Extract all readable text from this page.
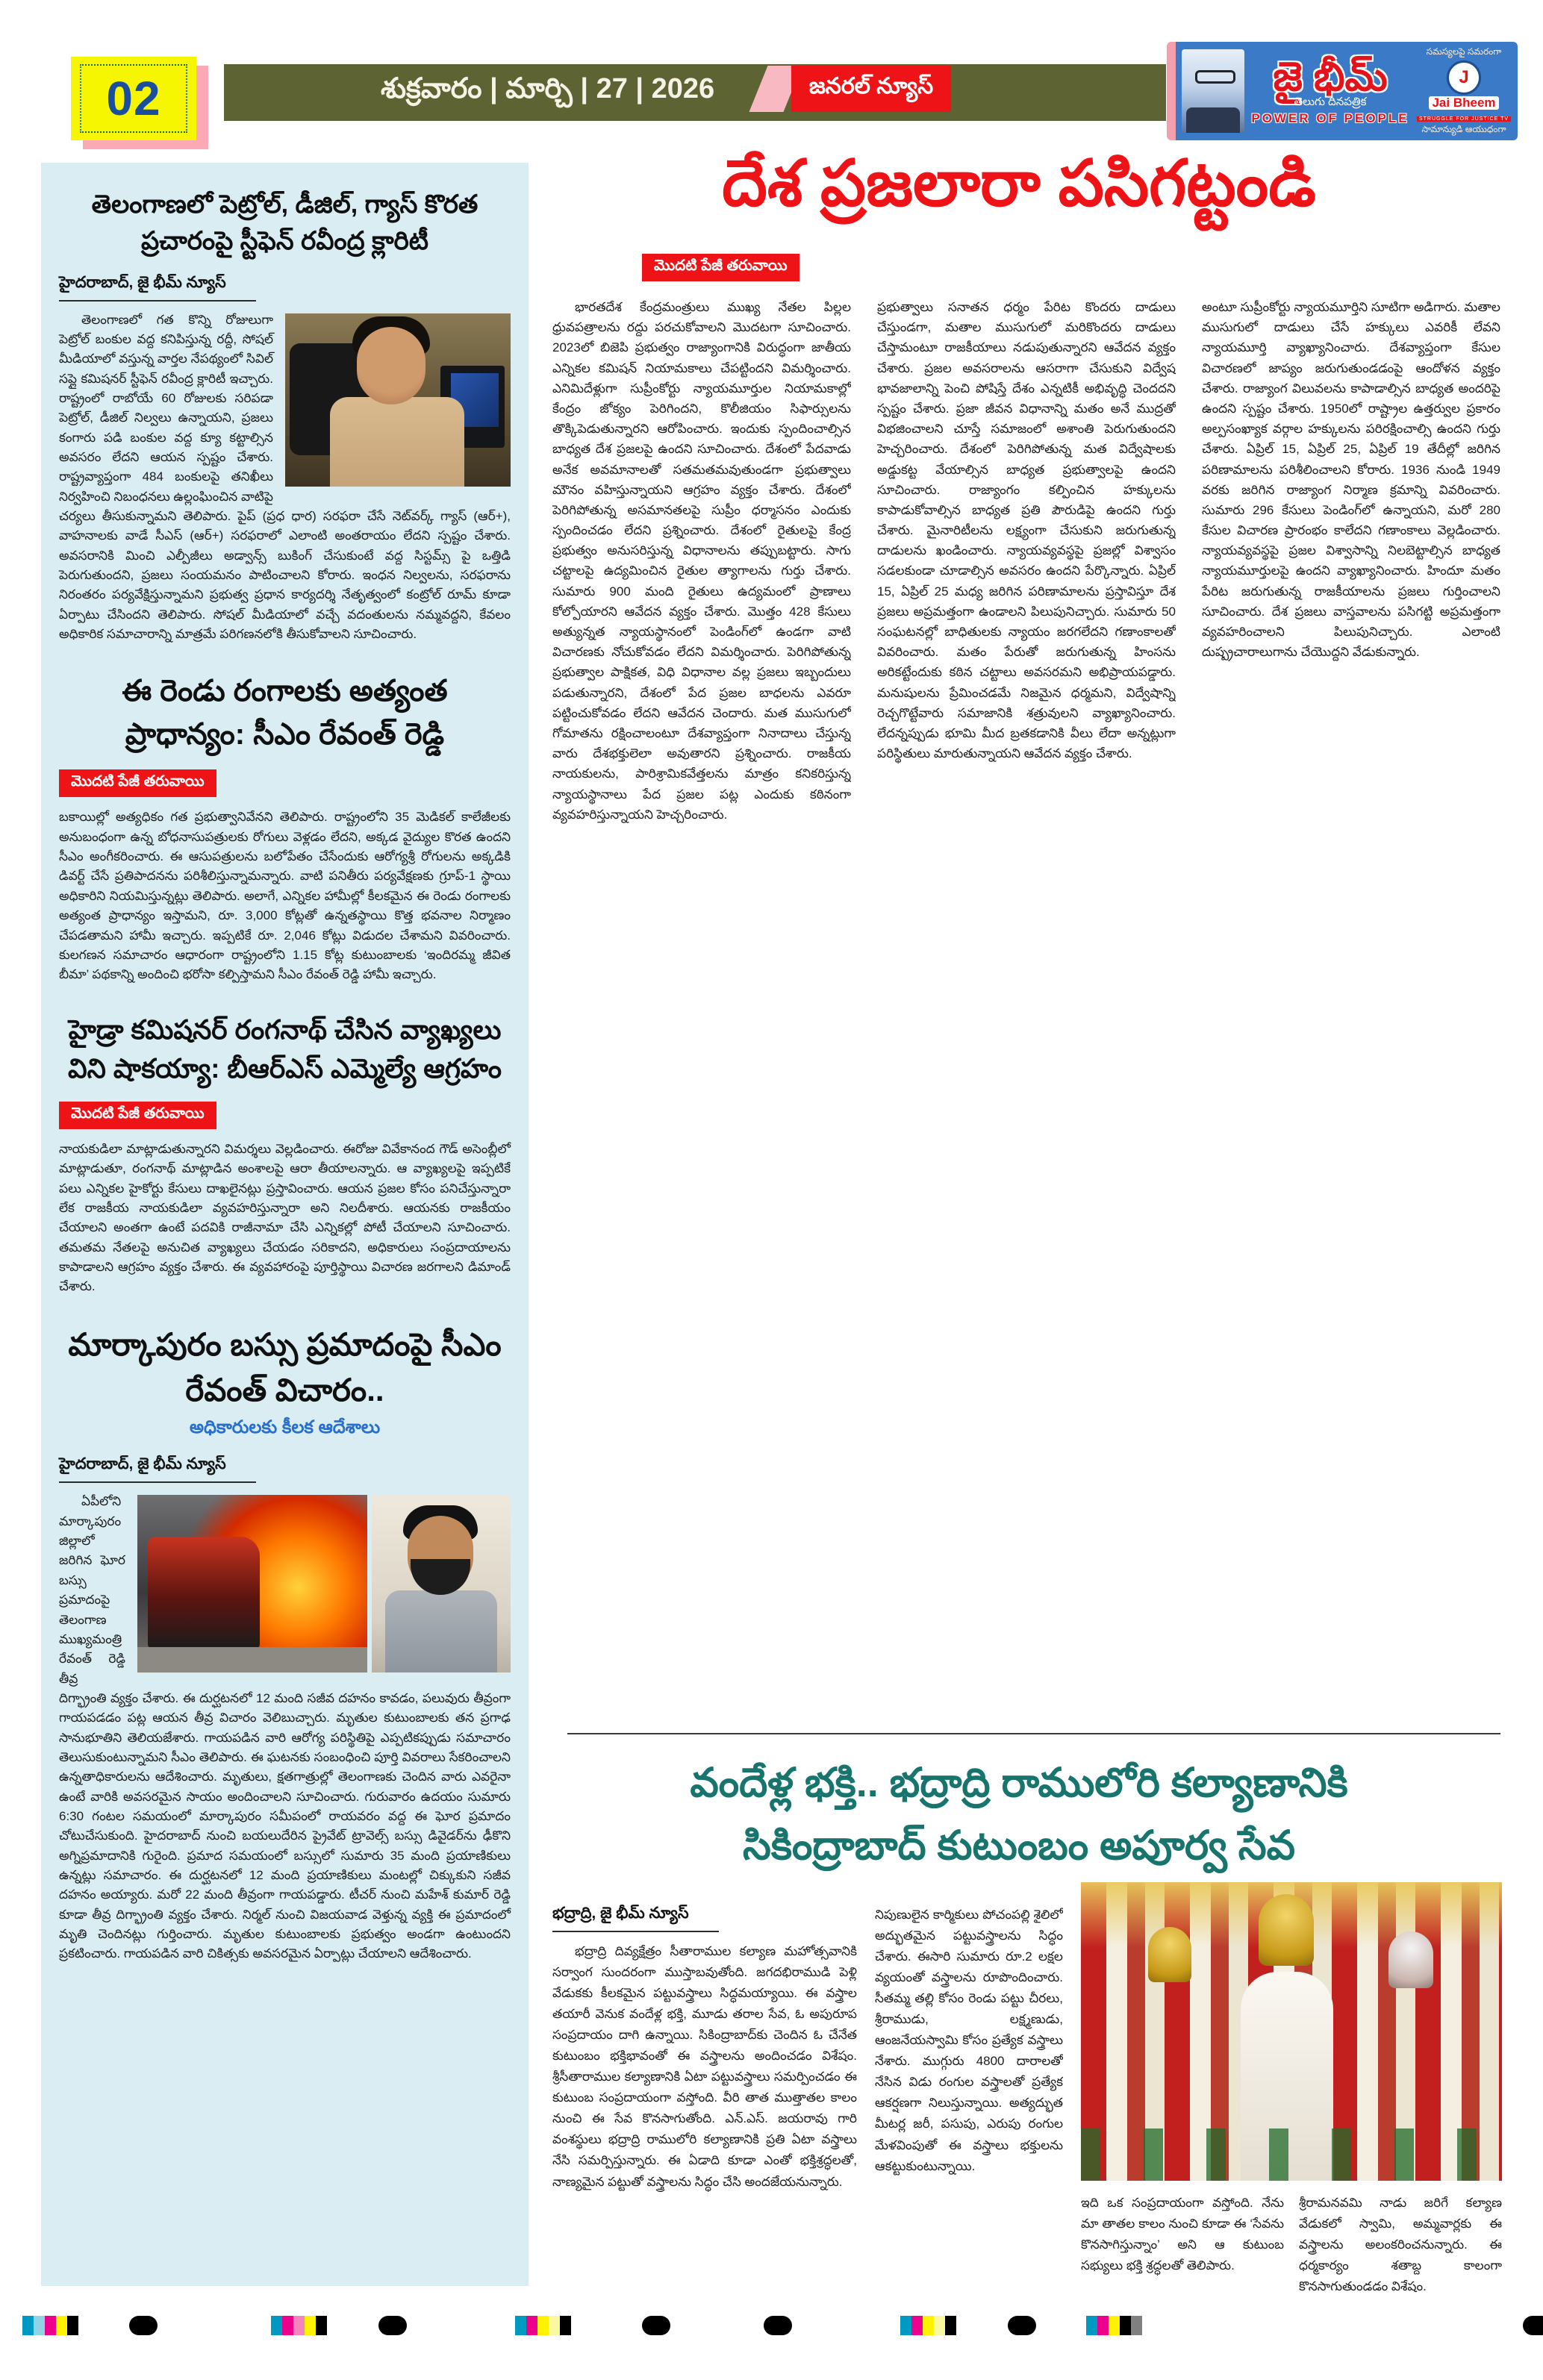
02	శుక్రవారం | మార్చి | 27 | 2026	జనరల్ న్యూస్	జై భీమ్
తెలుగు దినపత్రిక
POWER OF PEOPLE
సమస్యలపై సమరంగా
J
Jai Bheem STRUGGLE FOR JUSTICE TV
సామాన్యుడి ఆయుధంగా
దేశ ప్రజలారా పసిగట్టండి
తెలంగాణలో పెట్రోల్, డీజిల్, గ్యాస్ కొరత ప్రచారంపై స్టీఫెన్ రవీంద్ర క్లారిటీ
హైదరాబాద్, జై భీమ్ న్యూస్
తెలంగాణలో గత కొన్ని రోజులుగా పెట్రోల్ బంకుల వద్ద కనిపిస్తున్న రద్దీ, సోషల్ మీడియాలో వస్తున్న వార్తల నేపథ్యంలో సివిల్ సప్లై కమిషనర్ స్టీఫెన్ రవీంద్ర క్లారిటీ ఇచ్చారు. రాష్ట్రంలో రాబోయే 60 రోజులకు సరిపడా పెట్రోల్, డీజిల్ నిల్వలు ఉన్నాయని, ప్రజలు కంగారు పడి బంకుల వద్ద క్యూ కట్టాల్సిన అవసరం లేదని ఆయన స్పష్టం చేశారు. రాష్ట్రవ్యాప్తంగా 484 బంకులపై తనిఖీలు నిర్వహించి నిబంధనలు ఉల్లంఘించిన వాటిపై చర్యలు తీసుకున్నామని తెలిపారు. పైప్ (ప్రధ ధార) సరఫరా చేసే నెట్‌వర్క్ గ్యాస్ (ఆర్+), వాహనాలకు వాడే సీఎస్ (ఆర్+) సరఫరాలో ఎలాంటి అంతరాయం లేదని స్పష్టం చేశారు. అవసరానికి మించి ఎల్పీజీలు అడ్వాన్స్ బుకింగ్ చేసుకుంటే వద్ద సిస్టమ్స్ పై ఒత్తిడి పెరుగుతుందని, ప్రజలు సంయమనం పాటించాలని కోరారు. ఇంధన నిల్వలను, సరఫరాను నిరంతరం పర్యవేక్షిస్తున్నామని ప్రభుత్వ ప్రధాన కార్యదర్శి నేతృత్వంలో కంట్రోల్ రూమ్ కూడా ఏర్పాటు చేసిందని తెలిపారు. సోషల్ మీడియాలో వచ్చే వదంతులను నమ్మవద్దని, కేవలం అధికారిక సమాచారాన్ని మాత్రమే పరిగణనలోకి తీసుకోవాలని సూచించారు.
ఈ రెండు రంగాలకు అత్యంత ప్రాధాన్యం: సీఎం రేవంత్ రెడ్డి
మొదటి పేజీ తరువాయి
బకాయిల్లో అత్యధికం గత ప్రభుత్వానివేనని తెలిపారు. రాష్ట్రంలోని 35 మెడికల్ కాలేజీలకు అనుబంధంగా ఉన్న బోధనాసుపత్రులకు రోగులు వెళ్లడం లేదని, అక్కడ వైద్యుల కొరత ఉందని సీఎం అంగీకరించారు. ఈ ఆసుపత్రులను బలోపేతం చేసేందుకు ఆరోగ్యశ్రీ రోగులను అక్కడికి డివర్ట్ చేసే ప్రతిపాదనను పరిశీలిస్తున్నామన్నారు. వాటి పనితీరు పర్యవేక్షణకు గ్రూప్-1 స్థాయి అధికారిని నియమిస్తున్నట్లు తెలిపారు. అలాగే, ఎన్నికల హామీల్లో కీలకమైన ఈ రెండు రంగాలకు అత్యంత ప్రాధాన్యం ఇస్తామని, రూ. 3,000 కోట్లతో ఉన్నతస్థాయి కొత్త భవనాల నిర్మాణం చేపడతామని హామీ ఇచ్చారు. ఇప్పటికే రూ. 2,046 కోట్లు విడుదల చేశామని వివరించారు. కులగణన సమాచారం ఆధారంగా రాష్ట్రంలోని 1.15 కోట్ల కుటుంబాలకు ‘ఇందిరమ్మ జీవిత బీమా’ పథకాన్ని అందించి భరోసా కల్పిస్తామని సీఎం రేవంత్ రెడ్డి హామీ ఇచ్చారు.
హైడ్రా కమిషనర్ రంగనాథ్ చేసిన వ్యాఖ్యలు విని షాకయ్యా: బీఆర్ఎస్ ఎమ్మెల్యే ఆగ్రహం
మొదటి పేజీ తరువాయి
నాయకుడిలా మాట్లాడుతున్నారని విమర్శలు వెల్లడించారు. ఈరోజు వివేకానంద గౌడ్ అసెంబ్లీలో మాట్లాడుతూ, రంగనాథ్ మాట్లాడిన అంశాలపై ఆరా తీయాలన్నారు. ఆ వ్యాఖ్యలపై ఇప్పటికే పలు ఎన్నికల హైకోర్టు కేసులు దాఖలైనట్లు ప్రస్తావించారు. ఆయన ప్రజల కోసం పనిచేస్తున్నారా లేక రాజకీయ నాయకుడిలా వ్యవహరిస్తున్నారా అని నిలదీశారు. ఆయనకు రాజకీయం చేయాలని అంతగా ఉంటే పదవికి రాజీనామా చేసి ఎన్నికల్లో పోటీ చేయాలని సూచించారు. తమతమ నేతలపై అనుచిత వ్యాఖ్యలు చేయడం సరికాదని, అధికారులు సంప్రదాయాలను కాపాడాలని ఆగ్రహం వ్యక్తం చేశారు. ఈ వ్యవహారంపై పూర్తిస్థాయి విచారణ జరగాలని డిమాండ్ చేశారు.
మార్కాపురం బస్సు ప్రమాదంపై సీఎం రేవంత్ విచారం..
అధికారులకు కీలక ఆదేశాలు
హైదరాబాద్, జై భీమ్ న్యూస్
ఏపీలోని మార్కాపురం జిల్లాలో జరిగిన ఘోర బస్సు ప్రమాదంపై తెలంగాణ ముఖ్యమంత్రి రేవంత్ రెడ్డి తీవ్ర దిగ్భ్రాంతి వ్యక్తం చేశారు. ఈ దుర్ఘటనలో 12 మంది సజీవ దహనం కావడం, పలువురు తీవ్రంగా గాయపడడం పట్ల ఆయన తీవ్ర విచారం వెలిబుచ్చారు. మృతుల కుటుంబాలకు తన ప్రగాఢ సానుభూతిని తెలియజేశారు. గాయపడిన వారి ఆరోగ్య పరిస్థితిపై ఎప్పటికప్పుడు సమాచారం తెలుసుకుంటున్నామని సీఎం తెలిపారు. ఈ ఘటనకు సంబంధించి పూర్తి వివరాలు సేకరించాలని ఉన్నతాధికారులను ఆదేశించారు. మృతులు, క్షతగాత్రుల్లో తెలంగాణకు చెందిన వారు ఎవరైనా ఉంటే వారికి అవసరమైన సాయం అందించాలని సూచించారు. గురువారం ఉదయం సుమారు 6:30 గంటల సమయంలో మార్కాపురం సమీపంలో రాయవరం వద్ద ఈ ఘోర ప్రమాదం చోటుచేసుకుంది. హైదరాబాద్ నుంచి బయలుదేరిన ప్రైవేట్ ట్రావెల్స్ బస్సు డివైడర్‌ను ఢీకొని అగ్నిప్రమాదానికి గురైంది. ప్రమాద సమయంలో బస్సులో సుమారు 35 మంది ప్రయాణికులు ఉన్నట్లు సమాచారం. ఈ దుర్ఘటనలో 12 మంది ప్రయాణికులు మంటల్లో చిక్కుకుని సజీవ దహనం అయ్యారు. మరో 22 మంది తీవ్రంగా గాయపడ్డారు. టీచర్ నుంచి మహేశ్ కుమార్ రెడ్డి కూడా తీవ్ర దిగ్భ్రాంతి వ్యక్తం చేశారు. నిర్మల్ నుంచి విజయవాడ వెళ్తున్న వ్యక్తి ఈ ప్రమాదంలో మృతి చెందినట్లు గుర్తించారు. మృతుల కుటుంబాలకు ప్రభుత్వం అండగా ఉంటుందని ప్రకటించారు. గాయపడిన వారి చికిత్సకు అవసరమైన ఏర్పాట్లు చేయాలని ఆదేశించారు.
మొదటి పేజీ తరువాయి
భారతదేశ కేంద్రమంత్రులు ముఖ్య నేతల పిల్లల ధ్రువపత్రాలను రద్దు పరచుకోవాలని మొదటగా సూచించారు. 2023లో బిజెపి ప్రభుత్వం రాజ్యాంగానికి విరుద్ధంగా జాతీయ ఎన్నికల కమిషన్ నియామకాలు చేపట్టిందని విమర్శించారు. ఎనిమిదేళ్లుగా సుప్రీంకోర్టు న్యాయమూర్తుల నియామకాల్లో కేంద్రం జోక్యం పెరిగిందని, కొలీజియం సిఫార్సులను తొక్కిపెడుతున్నారని ఆరోపించారు. ఇందుకు స్పందించాల్సిన బాధ్యత దేశ ప్రజలపై ఉందని సూచించారు. దేశంలో పేదవాడు అనేక అవమానాలతో సతమతమవుతుండగా ప్రభుత్వాలు మౌనం వహిస్తున్నాయని ఆగ్రహం వ్యక్తం చేశారు. దేశంలో పెరిగిపోతున్న అసమానతలపై సుప్రీం ధర్మాసనం ఎందుకు స్పందించడం లేదని ప్రశ్నించారు. దేశంలో రైతులపై కేంద్ర ప్రభుత్వం అనుసరిస్తున్న విధానాలను తప్పుబట్టారు. సాగు చట్టాలపై ఉద్యమించిన రైతుల త్యాగాలను గుర్తు చేశారు. సుమారు 900 మంది రైతులు ఉద్యమంలో ప్రాణాలు కోల్పోయారని ఆవేదన వ్యక్తం చేశారు. మొత్తం 428 కేసులు అత్యున్నత న్యాయస్థానంలో పెండింగ్‌లో ఉండగా వాటి విచారణకు నోచుకోవడం లేదని విమర్శించారు. పెరిగిపోతున్న ప్రభుత్వాల పాక్షికత, విధి విధానాల వల్ల ప్రజలు ఇబ్బందులు పడుతున్నారని, దేశంలో పేద ప్రజల బాధలను ఎవరూ పట్టించుకోవడం లేదని ఆవేదన చెందారు. మత ముసుగులో గోమాతను రక్షించాలంటూ దేశవ్యాప్తంగా నినాదాలు చేస్తున్న వారు దేశభక్తులెలా అవుతారని ప్రశ్నించారు. రాజకీయ నాయకులను, పారిశ్రామికవేత్తలను మాత్రం కనికరిస్తున్న న్యాయస్థానాలు పేద ప్రజల పట్ల ఎందుకు కఠినంగా వ్యవహరిస్తున్నాయని హెచ్చరించారు.
ప్రభుత్వాలు సనాతన ధర్మం పేరిట కొందరు దాడులు చేస్తుండగా, మతాల ముసుగులో మరికొందరు దాడులు చేస్తామంటూ రాజకీయాలు నడుపుతున్నారని ఆవేదన వ్యక్తం చేశారు. ప్రజల అవసరాలను ఆసరాగా చేసుకుని విద్వేష భావజాలాన్ని పెంచి పోషిస్తే దేశం ఎన్నటికీ అభివృద్ధి చెందదని స్పష్టం చేశారు. ప్రజా జీవన విధానాన్ని మతం అనే ముద్రతో విభజించాలని చూస్తే సమాజంలో అశాంతి పెరుగుతుందని హెచ్చరించారు. దేశంలో పెరిగిపోతున్న మత విద్వేషాలకు అడ్డుకట్ట వేయాల్సిన బాధ్యత ప్రభుత్వాలపై ఉందని సూచించారు. రాజ్యాంగం కల్పించిన హక్కులను కాపాడుకోవాల్సిన బాధ్యత ప్రతి పౌరుడిపై ఉందని గుర్తు చేశారు. మైనారిటీలను లక్ష్యంగా చేసుకుని జరుగుతున్న దాడులను ఖండించారు. న్యాయవ్యవస్థపై ప్రజల్లో విశ్వాసం సడలకుండా చూడాల్సిన అవసరం ఉందని పేర్కొన్నారు. ఏప్రిల్ 15, ఏప్రిల్ 25 మధ్య జరిగిన పరిణామాలను ప్రస్తావిస్తూ దేశ ప్రజలు అప్రమత్తంగా ఉండాలని పిలుపునిచ్చారు. సుమారు 50 సంఘటనల్లో బాధితులకు న్యాయం జరగలేదని గణాంకాలతో వివరించారు. మతం పేరుతో జరుగుతున్న హింసను అరికట్టేందుకు కఠిన చట్టాలు అవసరమని అభిప్రాయపడ్డారు. మనుషులను ప్రేమించడమే నిజమైన ధర్మమని, విద్వేషాన్ని రెచ్చగొట్టేవారు సమాజానికి శత్రువులని వ్యాఖ్యానించారు. లేదన్నప్పుడు భూమి మీద బ్రతకడానికి వీలు లేదా అన్నట్లుగా పరిస్థితులు మారుతున్నాయని ఆవేదన వ్యక్తం చేశారు.
అంటూ సుప్రీంకోర్టు న్యాయమూర్తిని సూటిగా అడిగారు. మతాల ముసుగులో దాడులు చేసే హక్కులు ఎవరికీ లేవని న్యాయమూర్తి వ్యాఖ్యానించారు. దేశవ్యాప్తంగా కేసుల విచారణలో జాప్యం జరుగుతుండడంపై ఆందోళన వ్యక్తం చేశారు. రాజ్యాంగ విలువలను కాపాడాల్సిన బాధ్యత అందరిపై ఉందని స్పష్టం చేశారు. 1950లో రాష్ట్రాల ఉత్తర్వుల ప్రకారం అల్పసంఖ్యాక వర్గాల హక్కులను పరిరక్షించాల్సి ఉందని గుర్తు చేశారు. ఏప్రిల్ 15, ఏప్రిల్ 25, ఏప్రిల్ 19 తేదీల్లో జరిగిన పరిణామాలను పరిశీలించాలని కోరారు. 1936 నుండి 1949 వరకు జరిగిన రాజ్యాంగ నిర్మాణ క్రమాన్ని వివరించారు. సుమారు 296 కేసులు పెండింగ్‌లో ఉన్నాయని, మరో 280 కేసుల విచారణ ప్రారంభం కాలేదని గణాంకాలు వెల్లడించారు. న్యాయవ్యవస్థపై ప్రజల విశ్వాసాన్ని నిలబెట్టాల్సిన బాధ్యత న్యాయమూర్తులపై ఉందని వ్యాఖ్యానించారు. హిందూ మతం పేరిట జరుగుతున్న రాజకీయాలను ప్రజలు గుర్తించాలని సూచించారు. దేశ ప్రజలు వాస్తవాలను పసిగట్టి అప్రమత్తంగా వ్యవహరించాలని పిలుపునిచ్చారు. ఎలాంటి దుష్ప్రచారాలుగాను చేయొద్దని వేడుకున్నారు.
వందేళ్ల భక్తి.. భద్రాద్రి రాములోరి కల్యాణానికి
సికింద్రాబాద్ కుటుంబం అపూర్వ సేవ
భద్రాద్రి, జై భీమ్ న్యూస్
భద్రాద్రి దివ్యక్షేత్రం సీతారాముల కల్యాణ మహోత్సవానికి సర్వాంగ సుందరంగా ముస్తాబవుతోంది. జగదభిరాముడి పెళ్లి వేడుకకు కీలకమైన పట్టువస్త్రాలు సిద్ధమయ్యాయి. ఈ వస్త్రాల తయారీ వెనుక వందేళ్ల భక్తి, మూడు తరాల సేవ, ఓ అపురూప సంప్రదాయం దాగి ఉన్నాయి. సికింద్రాబాద్‌కు చెందిన ఓ చేనేత కుటుంబం భక్తిభావంతో ఈ వస్త్రాలను అందించడం విశేషం. శ్రీసీతారాముల కల్యాణానికి ఏటా పట్టువస్త్రాలు సమర్పించడం ఈ కుటుంబ సంప్రదాయంగా వస్తోంది. వీరి తాత ముత్తాతల కాలం నుంచి ఈ సేవ కొనసాగుతోంది. ఎన్.ఎస్. జయరావు గారి వంశస్థులు భద్రాద్రి రాములోరి కల్యాణానికి ప్రతి ఏటా వస్త్రాలు నేసి సమర్పిస్తున్నారు. ఈ ఏడాది కూడా ఎంతో భక్తిశ్రద్ధలతో, నాణ్యమైన పట్టుతో వస్త్రాలను సిద్ధం చేసి అందజేయనున్నారు.
నిపుణులైన కార్మికులు పోచంపల్లి శైలిలో అద్భుతమైన పట్టువస్త్రాలను సిద్ధం చేశారు. ఈసారి సుమారు రూ.2 లక్షల వ్యయంతో వస్త్రాలను రూపొందించారు. సీతమ్మ తల్లి కోసం రెండు పట్టు చీరలు, శ్రీరాముడు, లక్ష్మణుడు, ఆంజనేయస్వామి కోసం ప్రత్యేక వస్త్రాలు నేశారు. ముగ్గురు 4800 దారాలతో నేసిన విడు రంగుల వస్త్రాలతో ప్రత్యేక ఆకర్షణగా నిలుస్తున్నాయి. అత్యద్భుత మీటర్ల జరీ, పసుపు, ఎరుపు రంగుల మేళవింపుతో ఈ వస్త్రాలు భక్తులను ఆకట్టుకుంటున్నాయి.
ఇది ఒక సంప్రదాయంగా వస్తోంది. నేను మా తాతల కాలం నుంచి కూడా ఈ ‘సేవను కొనసాగిస్తున్నాం’ అని ఆ కుటుంబ సభ్యులు భక్తి శ్రద్ధలతో తెలిపారు.
శ్రీరామనవమి నాడు జరిగే కల్యాణ వేడుకలో స్వామి, అమ్మవార్లకు ఈ వస్త్రాలను అలంకరించనున్నారు. ఈ ధర్మకార్యం శతాబ్ద కాలంగా కొనసాగుతుండడం విశేషం.
